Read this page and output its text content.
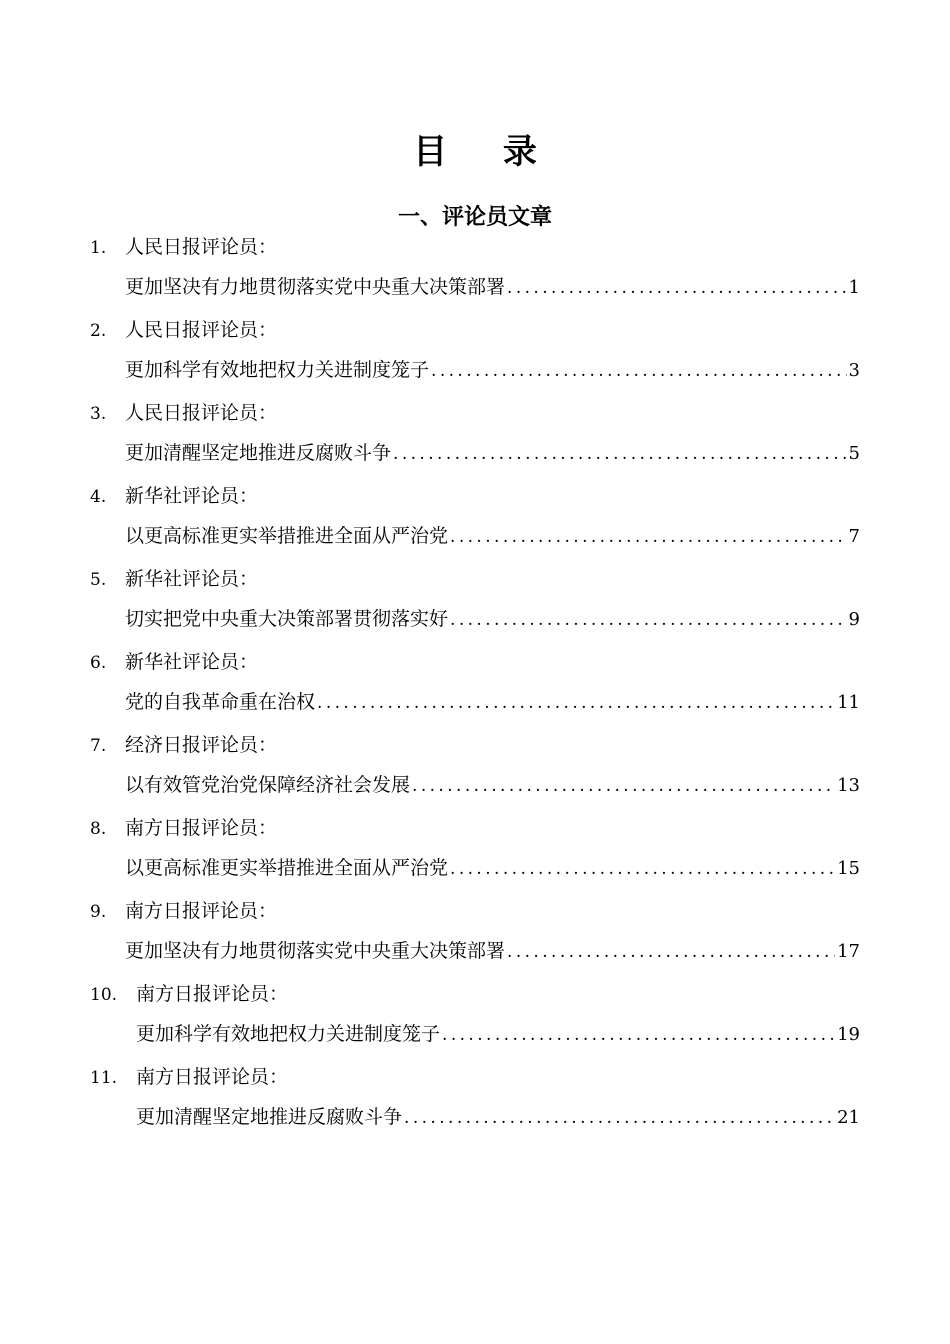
目 录
一、评论员文章
1. 人民日报评论员：
更加坚决有力地贯彻落实党中央重大决策部署 .....	1
2. 人民日报评论员：
更加科学有效地把权力关进制度笼子 .....	3
3. 人民日报评论员：
更加清醒坚定地推进反腐败斗争 .....	5
4. 新华社评论员：
以更高标准更实举措推进全面从严治党 .....	7
5. 新华社评论员：
切实把党中央重大决策部署贯彻落实好 .....	9
6. 新华社评论员：
党的自我革命重在治权 .....	11
7. 经济日报评论员：
以有效管党治党保障经济社会发展 .....	13
8. 南方日报评论员：
以更高标准更实举措推进全面从严治党 .....	15
9. 南方日报评论员：
更加坚决有力地贯彻落实党中央重大决策部署 .....	17
10. 南方日报评论员：
更加科学有效地把权力关进制度笼子 .....	19
11. 南方日报评论员：
更加清醒坚定地推进反腐败斗争 .....	21
